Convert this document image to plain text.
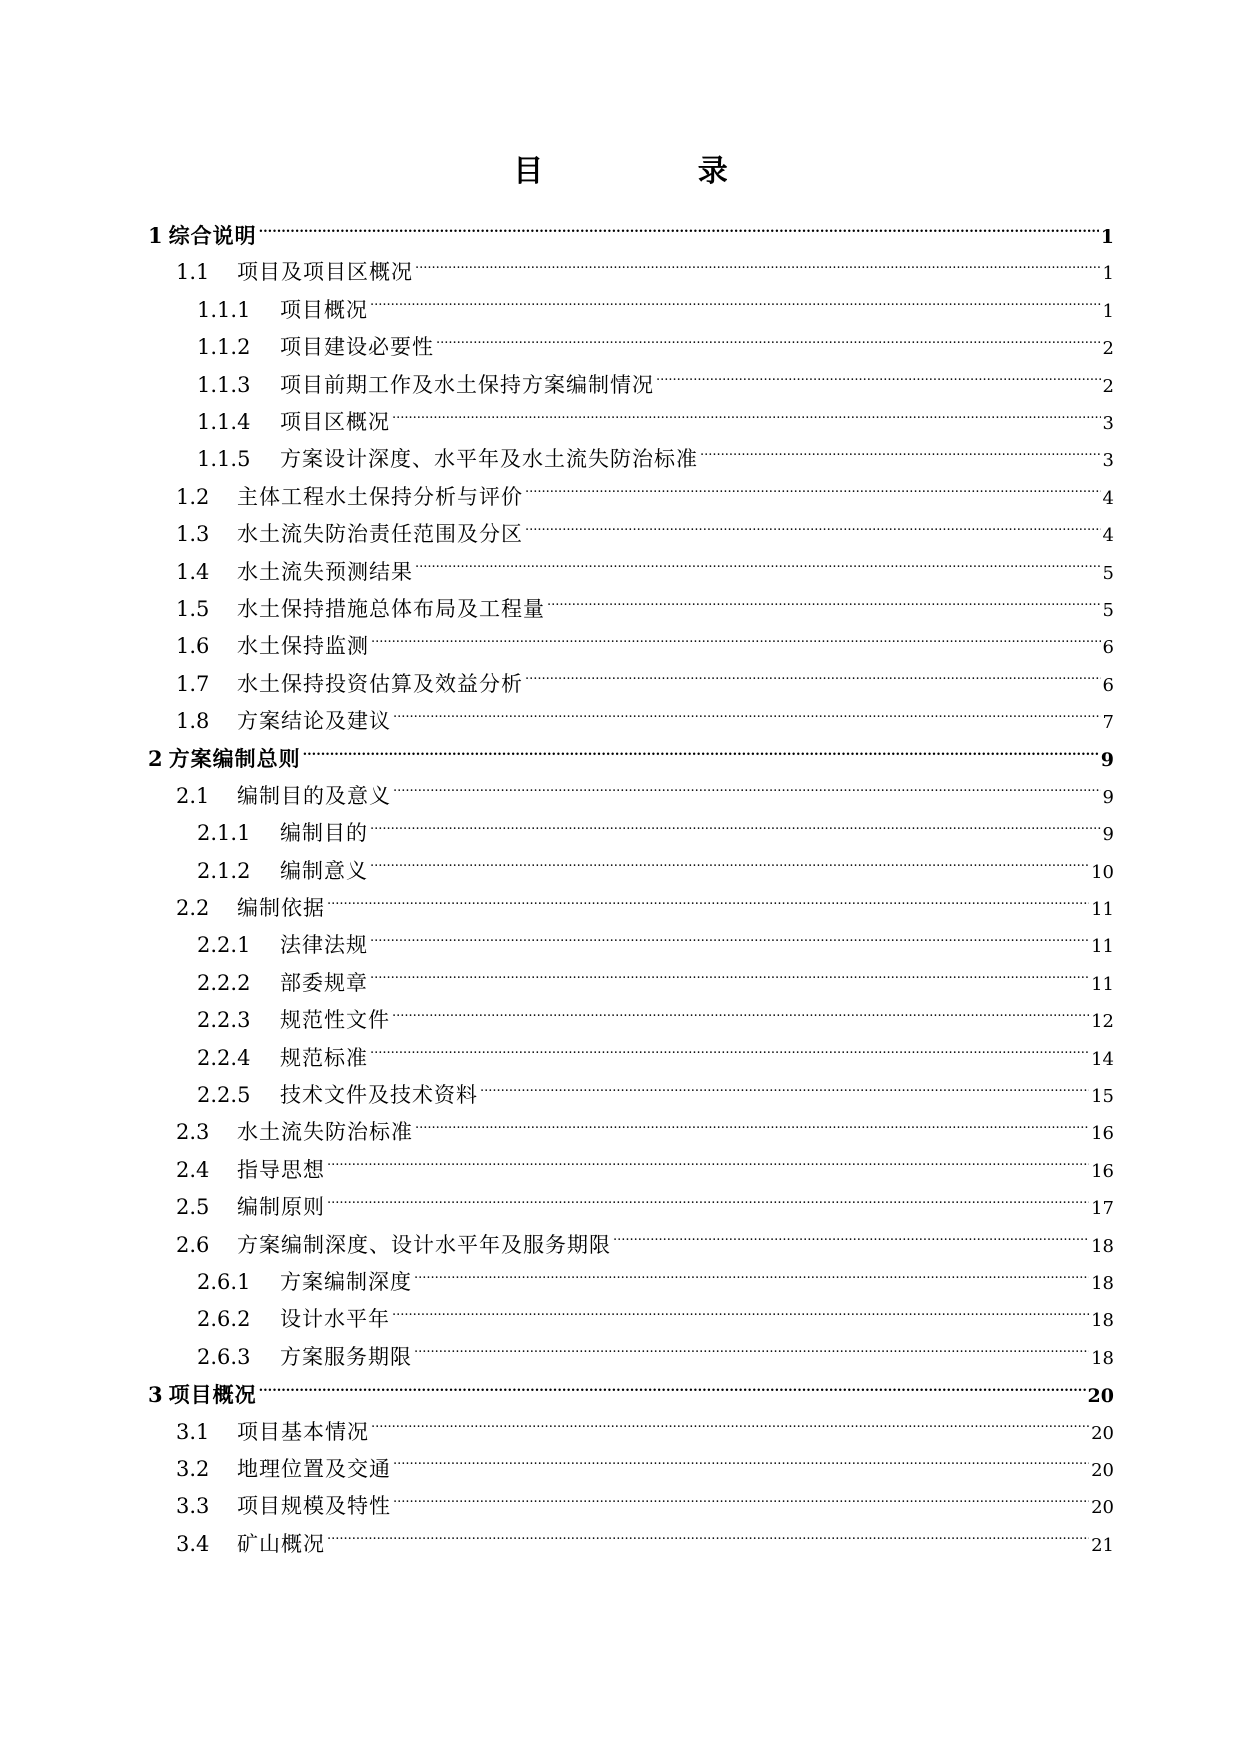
目 录
1 综合说明 .....	1
1.1	项目及项目区概况 .....	1
1.1.1	项目概况 .....	1
1.1.2	项目建设必要性 .....	2
1.1.3	项目前期工作及水土保持方案编制情况 .....	2
1.1.4	项目区概况 .....	3
1.1.5	方案设计深度、水平年及水土流失防治标准 .....	3
1.2	主体工程水土保持分析与评价 .....	4
1.3	水土流失防治责任范围及分区 .....	4
1.4	水土流失预测结果 .....	5
1.5	水土保持措施总体布局及工程量 .....	5
1.6	水土保持监测 .....	6
1.7	水土保持投资估算及效益分析 .....	6
1.8	方案结论及建议 .....	7
2 方案编制总则 .....	9
2.1	编制目的及意义 .....	9
2.1.1	编制目的 .....	9
2.1.2	编制意义 .....	10
2.2	编制依据 .....	11
2.2.1	法律法规 .....	11
2.2.2	部委规章 .....	11
2.2.3	规范性文件 .....	12
2.2.4	规范标准 .....	14
2.2.5	技术文件及技术资料 .....	15
2.3	水土流失防治标准 .....	16
2.4	指导思想 .....	16
2.5	编制原则 .....	17
2.6	方案编制深度、设计水平年及服务期限 .....	18
2.6.1	方案编制深度 .....	18
2.6.2	设计水平年 .....	18
2.6.3	方案服务期限 .....	18
3 项目概况 .....	20
3.1	项目基本情况 .....	20
3.2	地理位置及交通 .....	20
3.3	项目规模及特性 .....	20
3.4	矿山概况 .....	21
